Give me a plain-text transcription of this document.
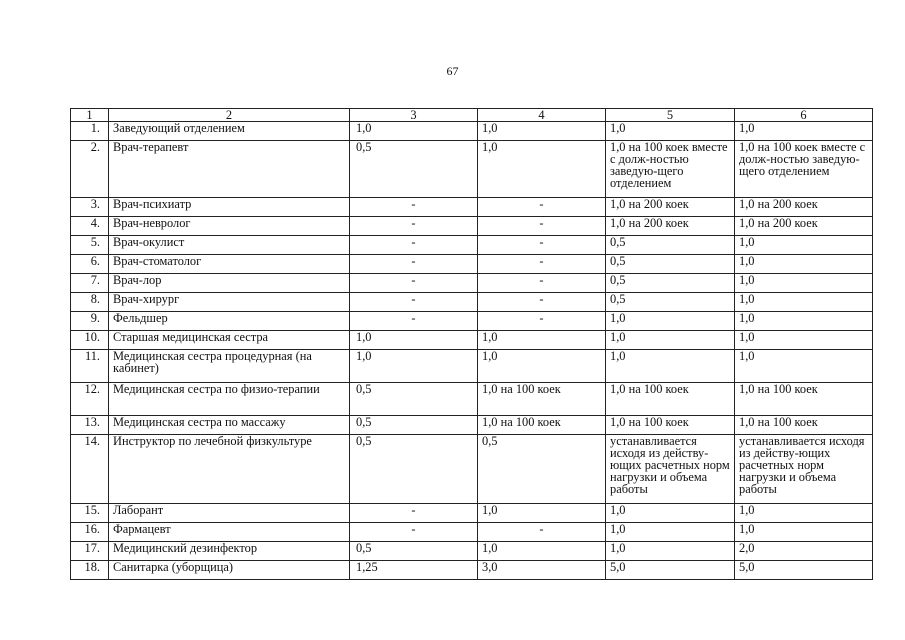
67
1	2	3	4	5	6
1.	Заведующий отделением	1,0	1,0	1,0	1,0
2.	Врач-терапевт	0,5	1,0	1,0 на 100 коек вместе с долж-ностью заведую-щего отделением	1,0 на 100 коек вместе с долж-ностью заведую-щего отделением
3.	Врач-психиатр	-	-	1,0 на 200 коек	1,0 на 200 коек
4.	Врач-невролог	-	-	1,0 на 200 коек	1,0 на 200 коек
5.	Врач-окулист	-	-	0,5	1,0
6.	Врач-стоматолог	-	-	0,5	1,0
7.	Врач-лор	-	-	0,5	1,0
8.	Врач-хирург	-	-	0,5	1,0
9.	Фельдшер	-	-	1,0	1,0
10.	Старшая медицинская сестра	1,0	1,0	1,0	1,0
11.	Медицинская сестра процедурная (на кабинет)	1,0	1,0	1,0	1,0
12.	Медицинская сестра по физио-терапии	0,5	1,0 на 100 коек	1,0 на 100 коек	1,0 на 100 коек
13.	Медицинская сестра по массажу	0,5	1,0 на 100 коек	1,0 на 100 коек	1,0 на 100 коек
14.	Инструктор по лечебной физкультуре	0,5	0,5	устанавливается исходя из действу-ющих расчетных норм нагрузки и объема работы	устанавливается исходя из действу-ющих расчетных норм нагрузки и объема работы
15.	Лаборант	-	1,0	1,0	1,0
16.	Фармацевт	-	-	1,0	1,0
17.	Медицинский дезинфектор	0,5	1,0	1,0	2,0
18.	Санитарка (уборщица)	1,25	3,0	5,0	5,0
